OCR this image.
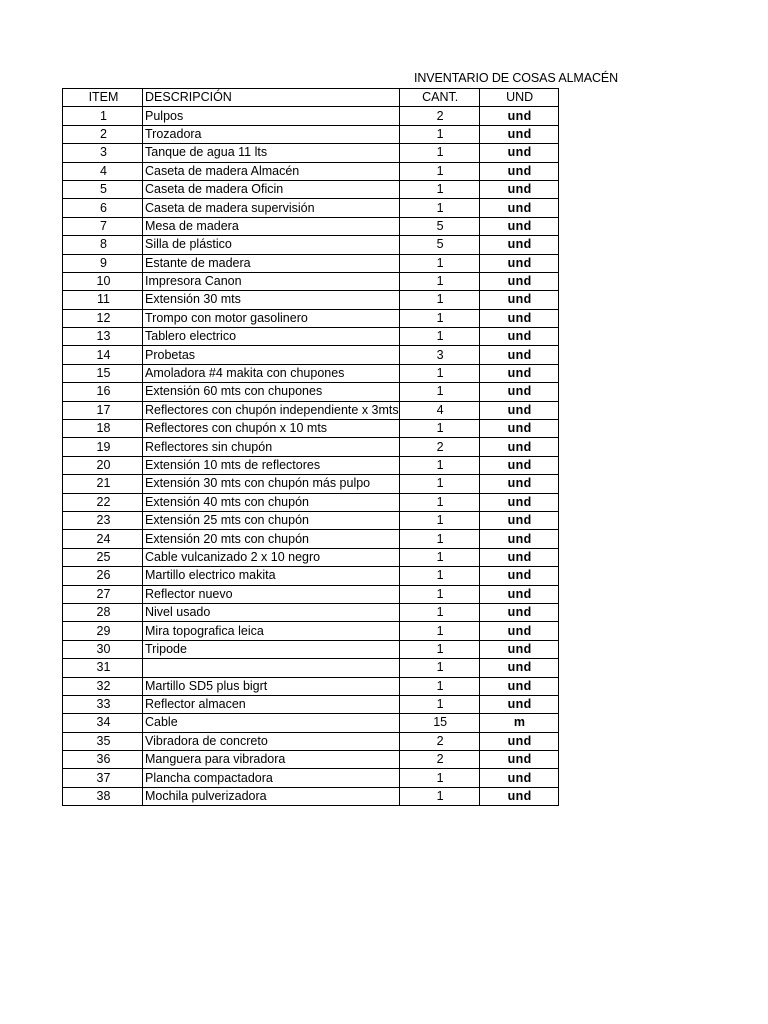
INVENTARIO DE COSAS ALMACÉN
ITEM	DESCRIPCIÓN	CANT.	UND
1	Pulpos	2	und
2	Trozadora	1	und
3	Tanque de agua 11 lts	1	und
4	Caseta de madera Almacén	1	und
5	Caseta de madera Oficin	1	und
6	Caseta de madera supervisión	1	und
7	Mesa de madera	5	und
8	Silla de plástico	5	und
9	Estante de madera	1	und
10	Impresora Canon	1	und
11	Extensión 30 mts	1	und
12	Trompo con motor gasolinero	1	und
13	Tablero electrico	1	und
14	Probetas	3	und
15	Amoladora #4 makita con chupones	1	und
16	Extensión 60 mts con chupones	1	und
17	Reflectores con chupón independiente x 3mts	4	und
18	Reflectores con chupón x 10 mts	1	und
19	Reflectores sin chupón	2	und
20	Extensión 10 mts de reflectores	1	und
21	Extensión 30 mts con chupón más pulpo	1	und
22	Extensión 40 mts con chupón	1	und
23	Extensión 25 mts con chupón	1	und
24	Extensión 20 mts con chupón	1	und
25	Cable vulcanizado 2 x 10 negro	1	und
26	Martillo electrico makita	1	und
27	Reflector nuevo	1	und
28	Nivel usado	1	und
29	Mira topografica leica	1	und
30	Tripode	1	und
31		1	und
32	Martillo SD5 plus bigrt	1	und
33	Reflector almacen	1	und
34	Cable	15	m
35	Vibradora de concreto	2	und
36	Manguera para vibradora	2	und
37	Plancha compactadora	1	und
38	Mochila pulverizadora	1	und
